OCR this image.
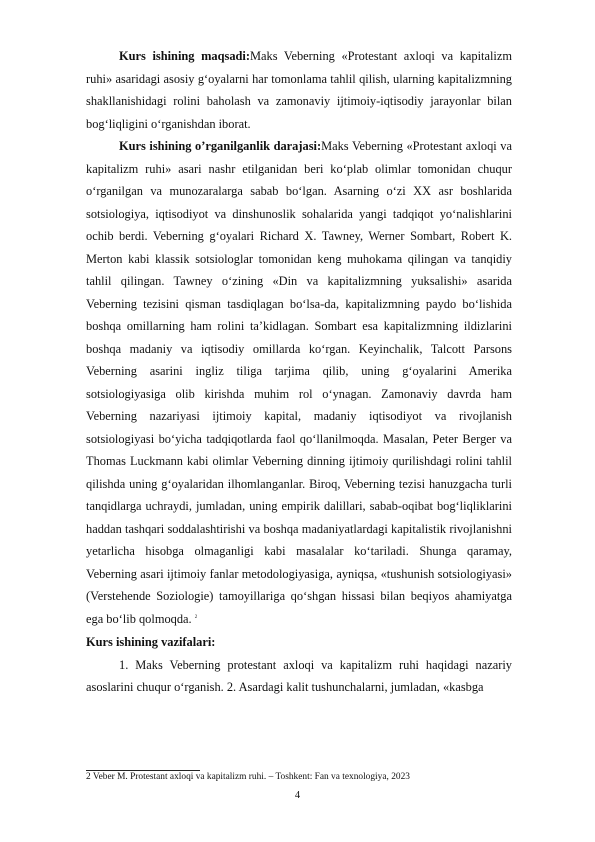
Kurs ishining maqsadi:Maks Veberning «Protestant axloqi va kapitalizm ruhi» asaridagi asosiy g‘oyalarni har tomonlama tahlil qilish, ularning kapitalizmning shakllanishidagi rolini baholash va zamonaviy ijtimoiy-iqtisodiy jarayonlar bilan bog‘liqligini o‘rganishdan iborat.

Kurs ishining o’rganilganlik darajasi:Maks Veberning «Protestant axloqi va kapitalizm ruhi» asari nashr etilganidan beri ko‘plab olimlar tomonidan chuqur o‘rganilgan va munozaralarga sabab bo‘lgan. Asarning o‘zi XX asr boshlarida sotsiologiya, iqtisodiyot va dinshunoslik sohalarida yangi tadqiqot yo‘nalishlarini ochib berdi. Veberning g‘oyalari Richard X. Tawney, Werner Sombart, Robert K. Merton kabi klassik sotsiologlar tomonidan keng muhokama qilingan va tanqidiy tahlil qilingan. Tawney o‘zining «Din va kapitalizmning yuksalishi» asarida Veberning tezisini qisman tasdiqlagan bo‘lsa-da, kapitalizmning paydo bo‘lishida boshqa omillarning ham rolini ta’kidlagan. Sombart esa kapitalizmning ildizlarini boshqa madaniy va iqtisodiy omillarda ko‘rgan. Keyinchalik, Talcott Parsons Veberning asarini ingliz tiliga tarjima qilib, uning g‘oyalarini Amerika sotsiologiyasiga olib kirishda muhim rol o‘ynagan. Zamonaviy davrda ham Veberning nazariyasi ijtimoiy kapital, madaniy iqtisodiyot va rivojlanish sotsiologiyasi bo‘yicha tadqiqotlarda faol qo‘llanilmoqda. Masalan, Peter Berger va Thomas Luckmann kabi olimlar Veberning dinning ijtimoiy qurilishdagi rolini tahlil qilishda uning g‘oyalaridan ilhomlanganlar. Biroq, Veberning tezisi hanuzgacha turli tanqidlarga uchraydi, jumladan, uning empirik dalillari, sabab-oqibat bog‘liqliklarini haddan tashqari soddalashtirishi va boshqa madaniyatlardagi kapitalistik rivojlanishni yetarlicha hisobga olmaganligi kabi masalalar ko‘tariladi. Shunga qaramay, Veberning asari ijtimoiy fanlar metodologiyasiga, ayniqsa, «tushunish sotsiologiyasi» (Verstehende Soziologie) tamoyillariga qo‘shgan hissasi bilan beqiyos ahamiyatga ega bo‘lib qolmoqda. $^2$

Kurs ishining vazifalari:

1. Maks Veberning protestant axloqi va kapitalizm ruhi haqidagi nazariy asoslarini chuqur o‘rganish. 2. Asardagi kalit tushunchalarni, jumladan, «kasbga

2 Veber M. Protestant axloqi va kapitalizm ruhi. – Toshkent: Fan va texnologiya, 2023
4
